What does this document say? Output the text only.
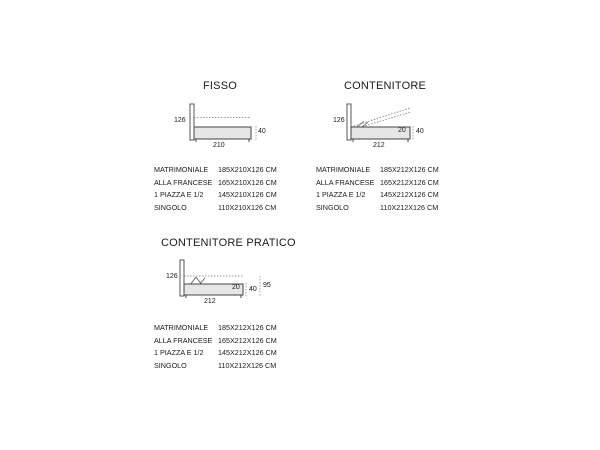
FISSO
126
40
210
MATRIMONIALE	185X210X126 CM
ALLA FRANCESE 165X210X126 CM
1 PIAZZA E 1/2	145X210X126 CM
SINGOLO	110X210X126 CM
CONTENITORE
126
20 40
212
MATRIMONIALE	185X212X126 CM
ALLA FRANCESE 165X212X126 CM
1 PIAZZA E 1/2	145X212X126 CM
SINGOLO	110X212X126 CM
CONTENITORE PRATICO
126
20 40
95
212
MATRIMONIALE	185X212X126 CM
ALLA FRANCESE 165X212X126 CM
1 PIAZZA E 1/2	145X212X126 CM
SINGOLO	110X212X126 CM
